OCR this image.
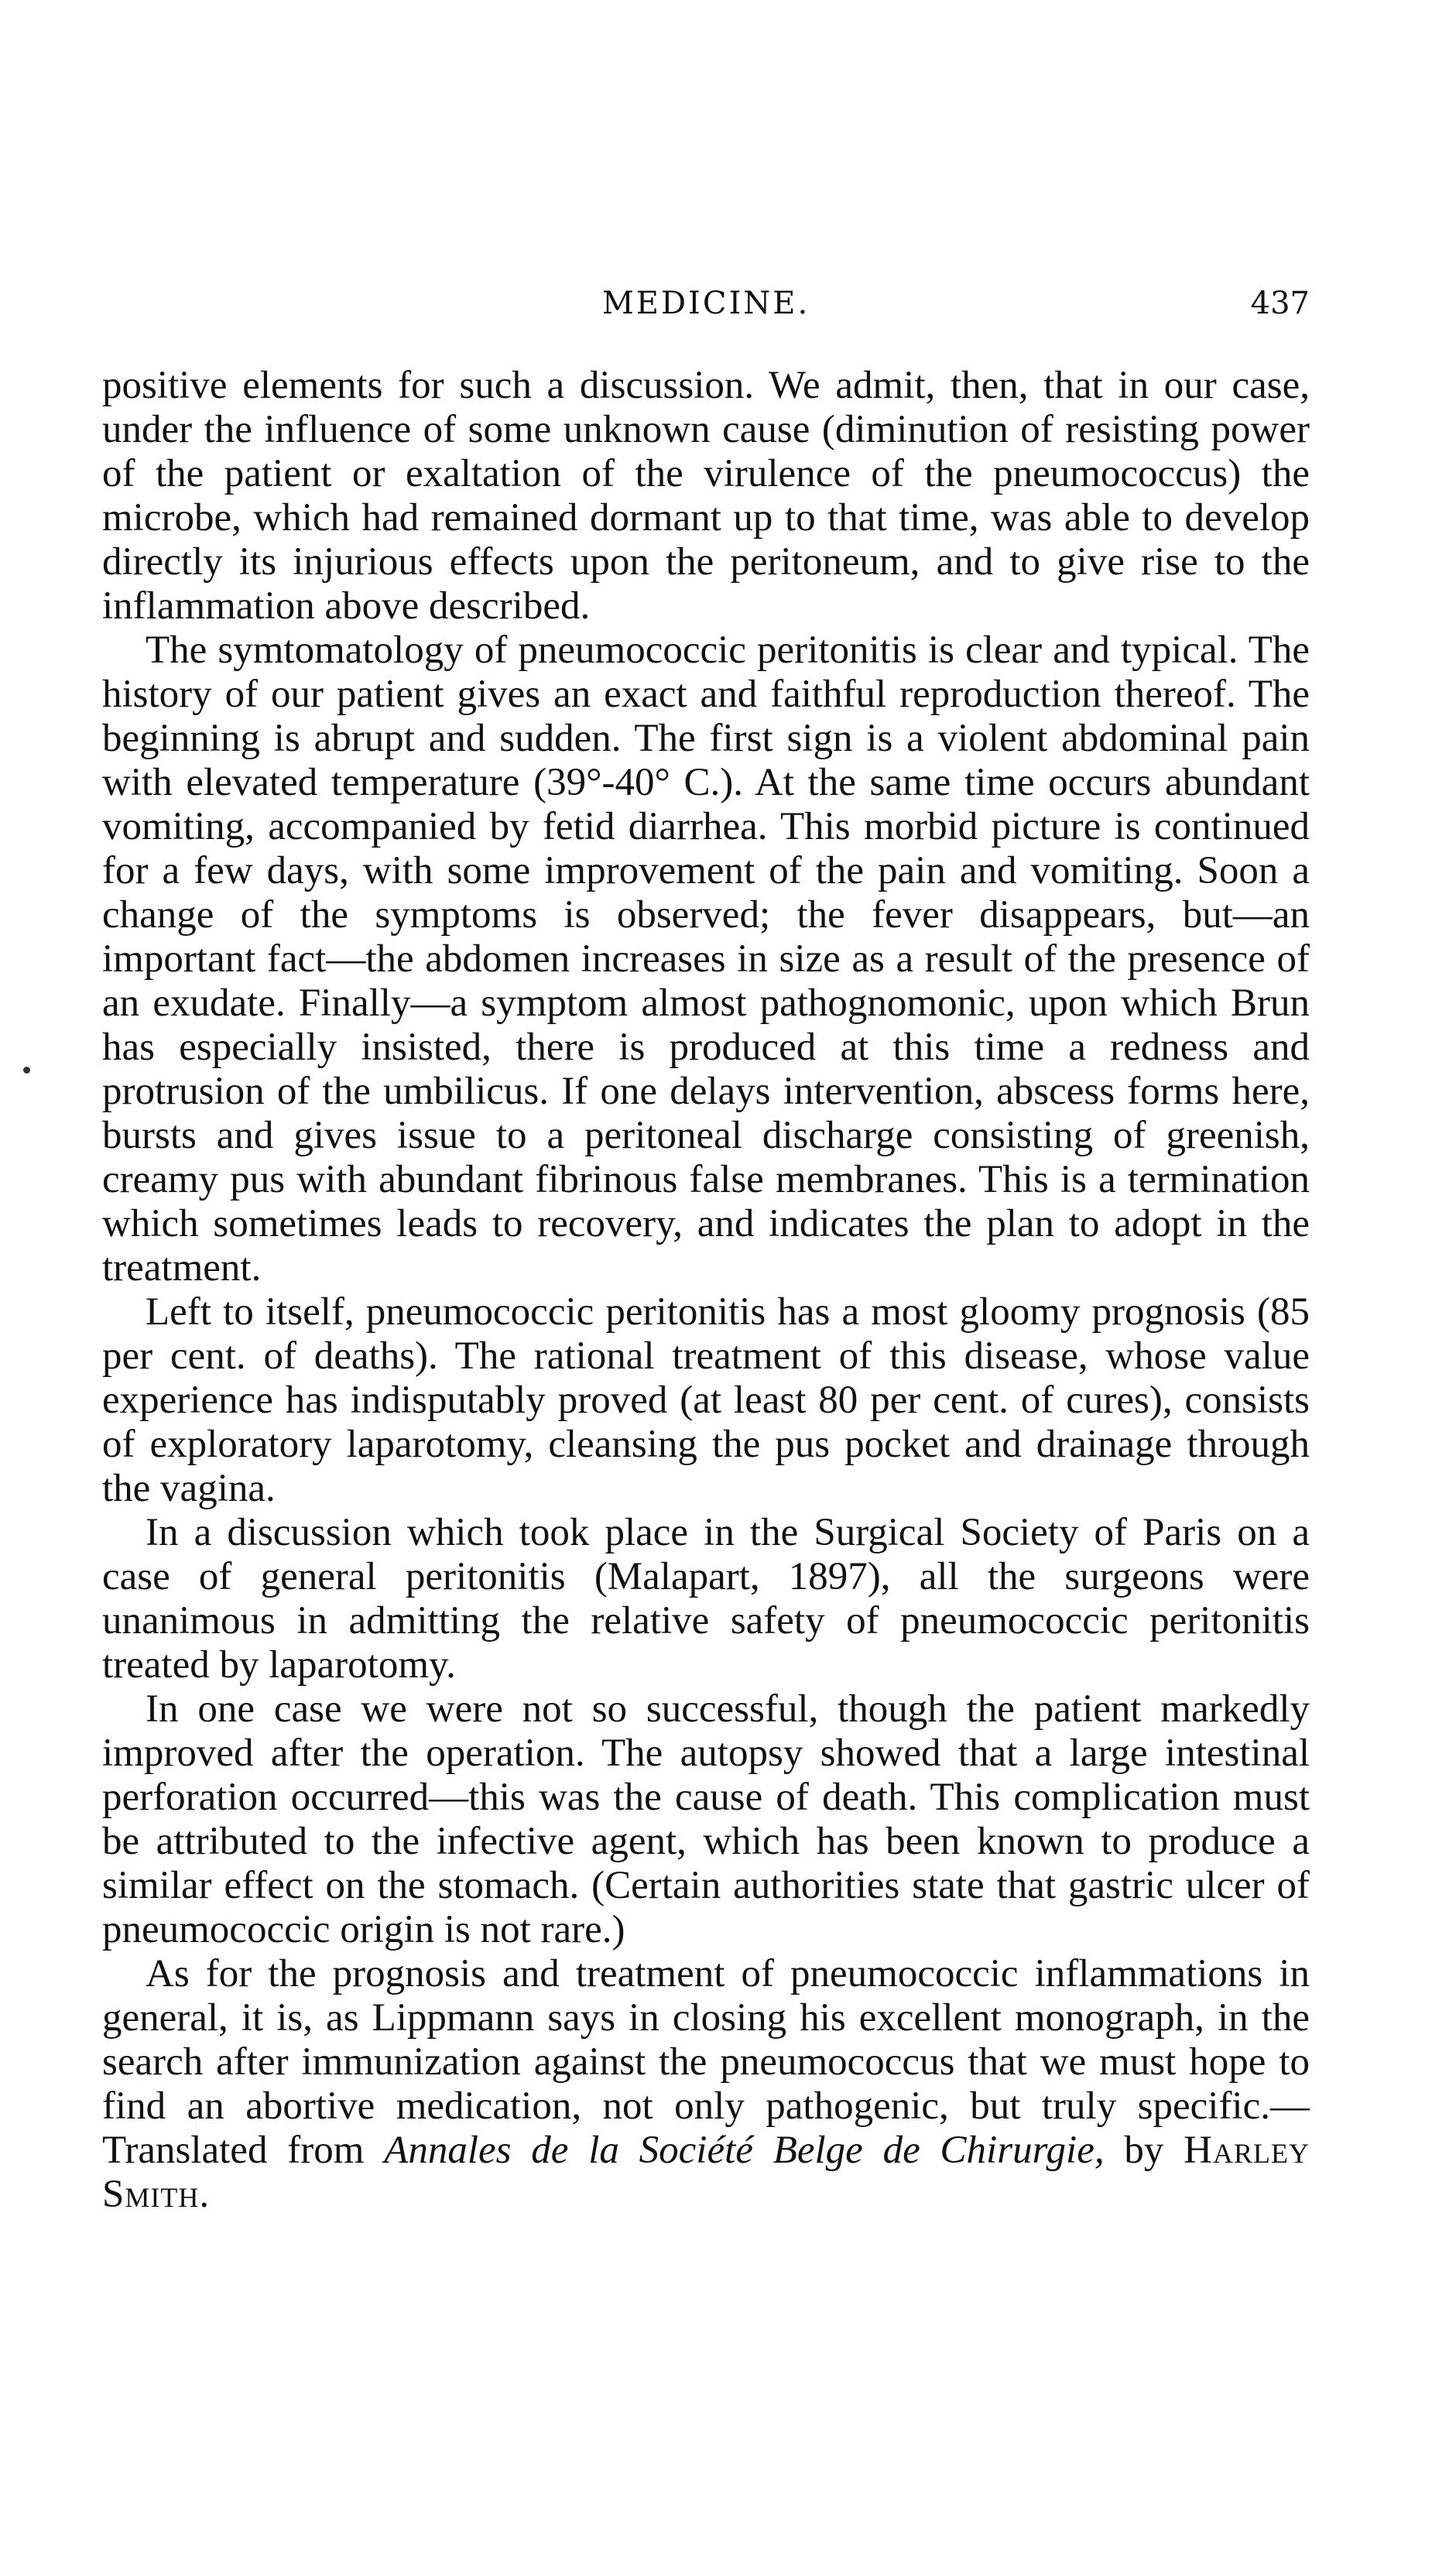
MEDICINE.	437

positive elements for such a discussion. We admit, then, that in our case, under the influence of some unknown cause (diminution of resisting power of the patient or exaltation of the virulence of the pneumococcus) the microbe, which had remained dormant up to that time, was able to develop directly its injurious effects upon the peritoneum, and to give rise to the inflammation above described.

The symtomatology of pneumococcic peritonitis is clear and typical. The history of our patient gives an exact and faithful reproduction thereof. The beginning is abrupt and sudden. The first sign is a violent abdominal pain with elevated temperature (39°-40° C.). At the same time occurs abundant vomiting, accompanied by fetid diarrhea. This morbid picture is continued for a few days, with some improvement of the pain and vomiting. Soon a change of the symptoms is observed; the fever disappears, but—an important fact—the abdomen increases in size as a result of the presence of an exudate. Finally—a symptom almost pathognomonic, upon which Brun has especially insisted, there is produced at this time a redness and protrusion of the umbilicus. If one delays intervention, abscess forms here, bursts and gives issue to a peritoneal discharge consisting of greenish, creamy pus with abundant fibrinous false membranes. This is a termination which sometimes leads to recovery, and indicates the plan to adopt in the treatment.

Left to itself, pneumococcic peritonitis has a most gloomy prognosis (85 per cent. of deaths). The rational treatment of this disease, whose value experience has indisputably proved (at least 80 per cent. of cures), consists of exploratory laparotomy, cleansing the pus pocket and drainage through the vagina.

In a discussion which took place in the Surgical Society of Paris on a case of general peritonitis (Malapart, 1897), all the surgeons were unanimous in admitting the relative safety of pneumococcic peritonitis treated by laparotomy.

In one case we were not so successful, though the patient markedly improved after the operation. The autopsy showed that a large intestinal perforation occurred—this was the cause of death. This complication must be attributed to the infective agent, which has been known to produce a similar effect on the stomach. (Certain authorities state that gastric ulcer of pneumococcic origin is not rare.)

As for the prognosis and treatment of pneumococcic inflammations in general, it is, as Lippmann says in closing his excellent monograph, in the search after immunization against the pneumococcus that we must hope to find an abortive medication, not only pathogenic, but truly specific.—Translated from Annales de la Société Belge de Chirurgie, by Harley Smith.
